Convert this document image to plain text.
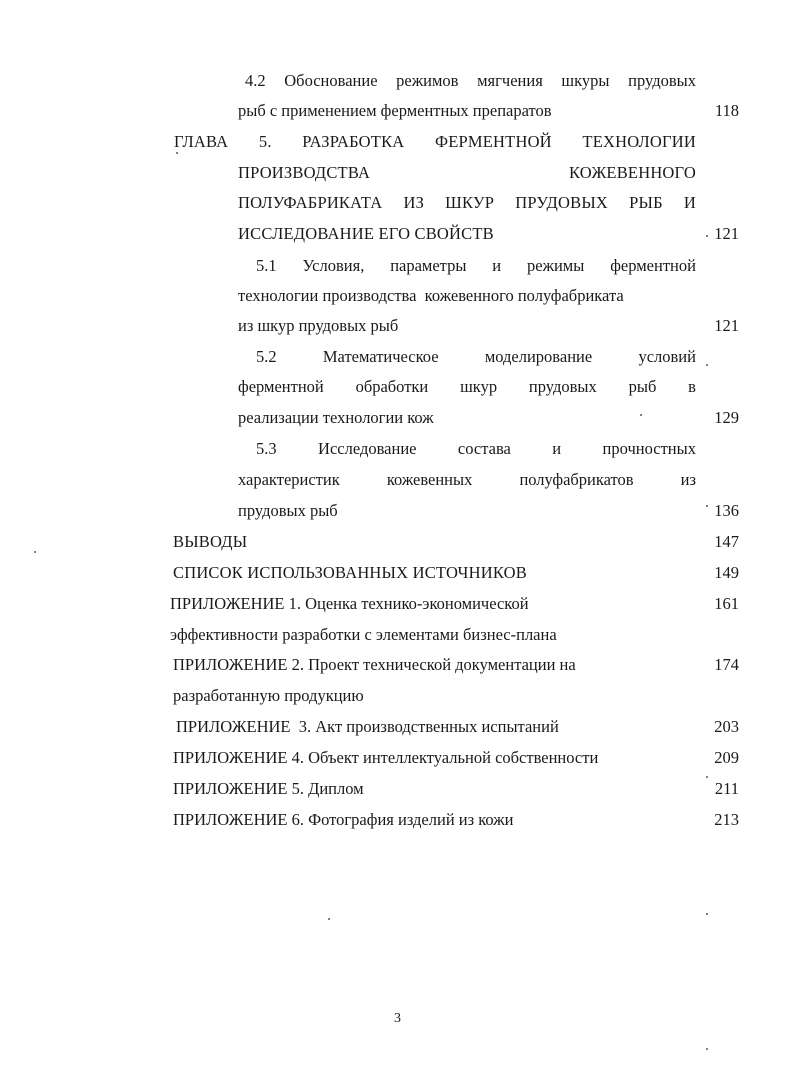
4.2 Обоснование режимов мягчения шкуры прудовых
рыб с применением ферментных препаратов	118
ГЛАВА 5. РАЗРАБОТКА ФЕРМЕНТНОЙ ТЕХНОЛОГИИ
ПРОИЗВОДСТВА	КОЖЕВЕННОГО
ПОЛУФАБРИКАТА ИЗ ШКУР ПРУДОВЫХ РЫБ И
ИССЛЕДОВАНИЕ ЕГО СВОЙСТВ	121
5.1 Условия, параметры и режимы ферментной
технологии производства  кожевенного полуфабриката
из шкур прудовых рыб	121
5.2	Математическое	моделирование	условий
ферментной обработки шкур прудовых рыб в
реализации технологии кож	129
5.3	Исследование	состава	и	прочностных
характеристик	кожевенных	полуфабрикатов	из
прудовых рыб	136
ВЫВОДЫ	147
СПИСОК ИСПОЛЬЗОВАННЫХ ИСТОЧНИКОВ	149
ПРИЛОЖЕНИЕ 1. Оценка технико-экономической	161
эффективности разработки с элементами бизнес-плана
ПРИЛОЖЕНИЕ 2. Проект технической документации на	174
разработанную продукцию
ПРИЛОЖЕНИЕ  3. Акт производственных испытаний	203
ПРИЛОЖЕНИЕ 4. Объект интеллектуальной собственности	209
ПРИЛОЖЕНИЕ 5. Диплом	211
ПРИЛОЖЕНИЕ 6. Фотография изделий из кожи	213
3
